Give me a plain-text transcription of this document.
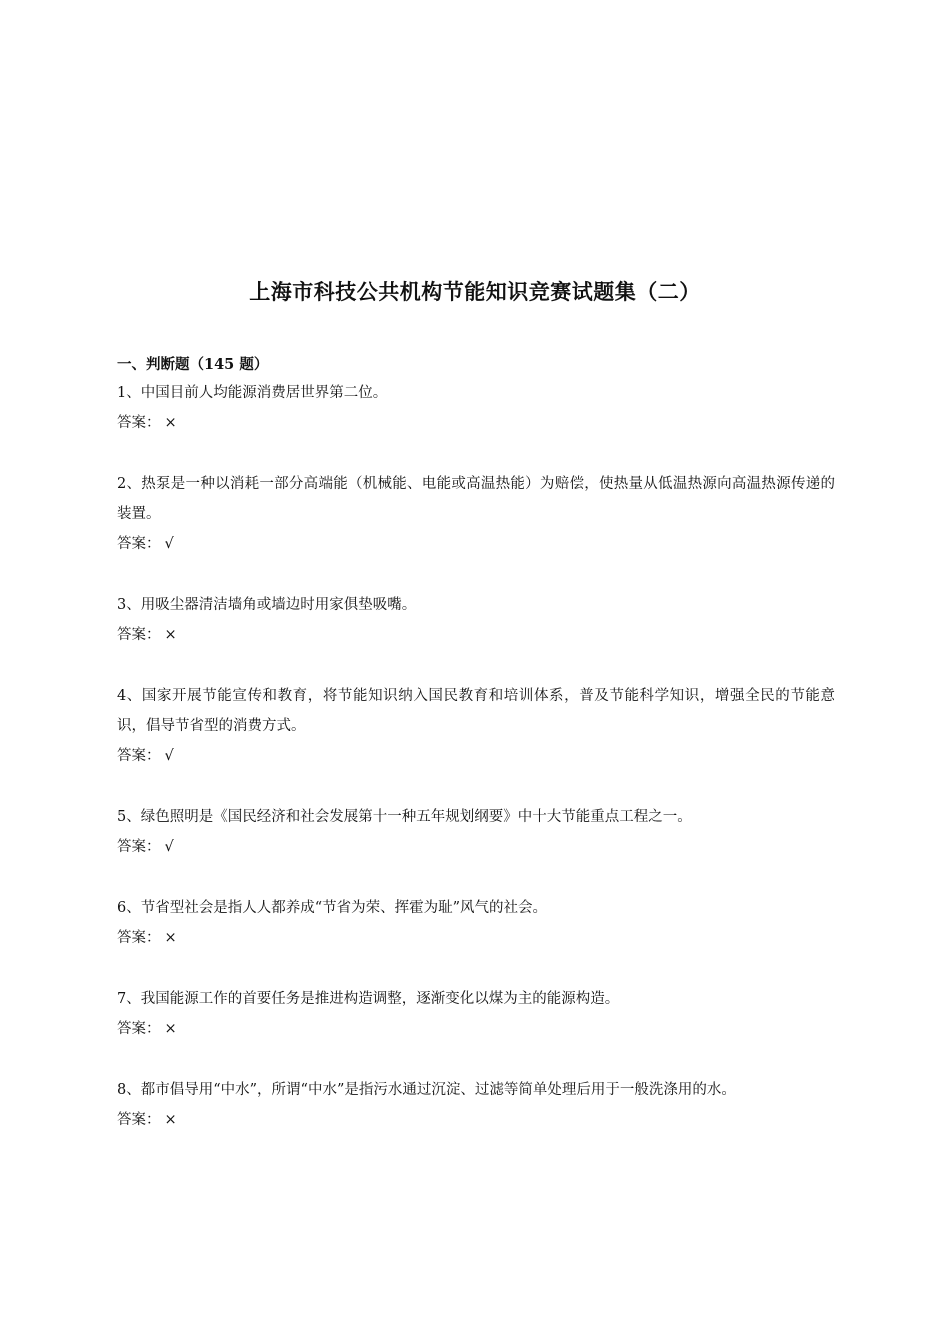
上海市科技公共机构节能知识竞赛试题集（二）
一、判断题（145 题）
1、中国目前人均能源消费居世界第二位。
答案： ×
2、热泵是一种以消耗一部分高端能（机械能、电能或高温热能）为赔偿，使热量从低温热源向高温热源传递的装置。
答案： √
3、用吸尘器清洁墙角或墙边时用家俱垫吸嘴。
答案： ×
4、国家开展节能宣传和教育，将节能知识纳入国民教育和培训体系，普及节能科学知识，增强全民的节能意识，倡导节省型的消费方式。
答案： √
5、绿色照明是《国民经济和社会发展第十一种五年规划纲要》中十大节能重点工程之一。
答案： √
6、节省型社会是指人人都养成“节省为荣、挥霍为耻”风气的社会。
答案： ×
7、我国能源工作的首要任务是推进构造调整，逐渐变化以煤为主的能源构造。
答案： ×
8、都市倡导用“中水”，所谓“中水”是指污水通过沉淀、过滤等简单处理后用于一般洗涤用的水。
答案： ×
